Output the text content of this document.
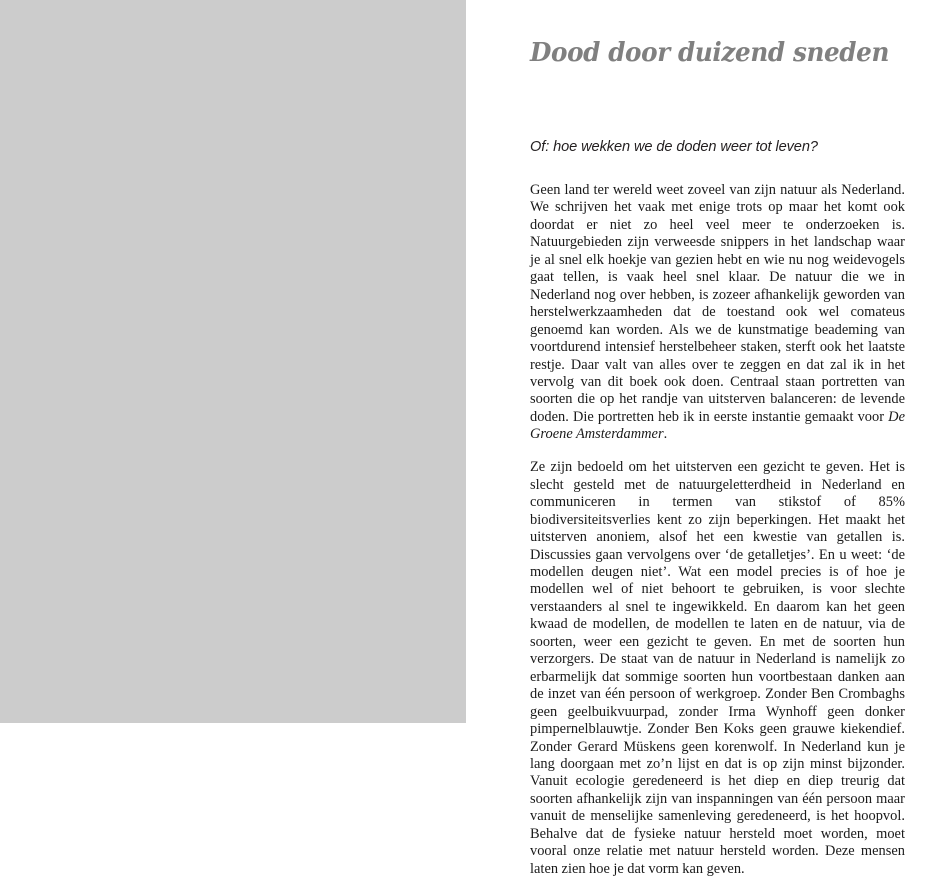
Dood door duizend sneden

Of: hoe wekken we de doden weer tot leven?

Geen land ter wereld weet zoveel van zijn natuur als Nederland. We schrijven het vaak met enige trots op maar het komt ook doordat er niet zo heel veel meer te onderzoeken is. Natuurgebieden zijn verweesde snippers in het landschap waar je al snel elk hoekje van gezien hebt en wie nu nog weidevogels gaat tellen, is vaak heel snel klaar. De natuur die we in Nederland nog over hebben, is zozeer afhankelijk geworden van herstelwerkzaamheden dat de toestand ook wel comateus genoemd kan worden. Als we de kunstmatige beademing van voortdurend intensief herstelbeheer staken, sterft ook het laatste restje. Daar valt van alles over te zeggen en dat zal ik in het vervolg van dit boek ook doen. Centraal staan portretten van soorten die op het randje van uitsterven balanceren: de levende doden. Die portretten heb ik in eerste instantie gemaakt voor De Groene Amsterdammer.

Ze zijn bedoeld om het uitsterven een gezicht te geven. Het is slecht gesteld met de natuurgeletterdheid in Nederland en communiceren in termen van stikstof of 85% biodiversiteitsverlies kent zo zijn beperkingen. Het maakt het uitsterven anoniem, alsof het een kwestie van getallen is. Discussies gaan vervolgens over ‘de getalletjes’. En u weet: ‘de modellen deugen niet’. Wat een model precies is of hoe je modellen wel of niet behoort te gebruiken, is voor slechte verstaanders al snel te ingewikkeld. En daarom kan het geen kwaad de modellen, de modellen te laten en de natuur, via de soorten, weer een gezicht te geven. En met de soorten hun verzorgers. De staat van de natuur in Nederland is namelijk zo erbarmelijk dat sommige soorten hun voortbestaan danken aan de inzet van één persoon of werkgroep. Zonder Ben Crombaghs geen geelbuikvuurpad, zonder Irma Wynhoff geen donker pimpernelblauwtje. Zonder Ben Koks geen grauwe kiekendief. Zonder Gerard Müskens geen korenwolf. In Nederland kun je lang doorgaan met zo’n lijst en dat is op zijn minst bijzonder. Vanuit ecologie geredeneerd is het diep en diep treurig dat soorten afhankelijk zijn van inspanningen van één persoon maar vanuit de menselijke samenleving geredeneerd, is het hoopvol. Behalve dat de fysieke natuur hersteld moet worden, moet vooral onze relatie met natuur hersteld worden. Deze mensen laten zien hoe je dat vorm kan geven.
